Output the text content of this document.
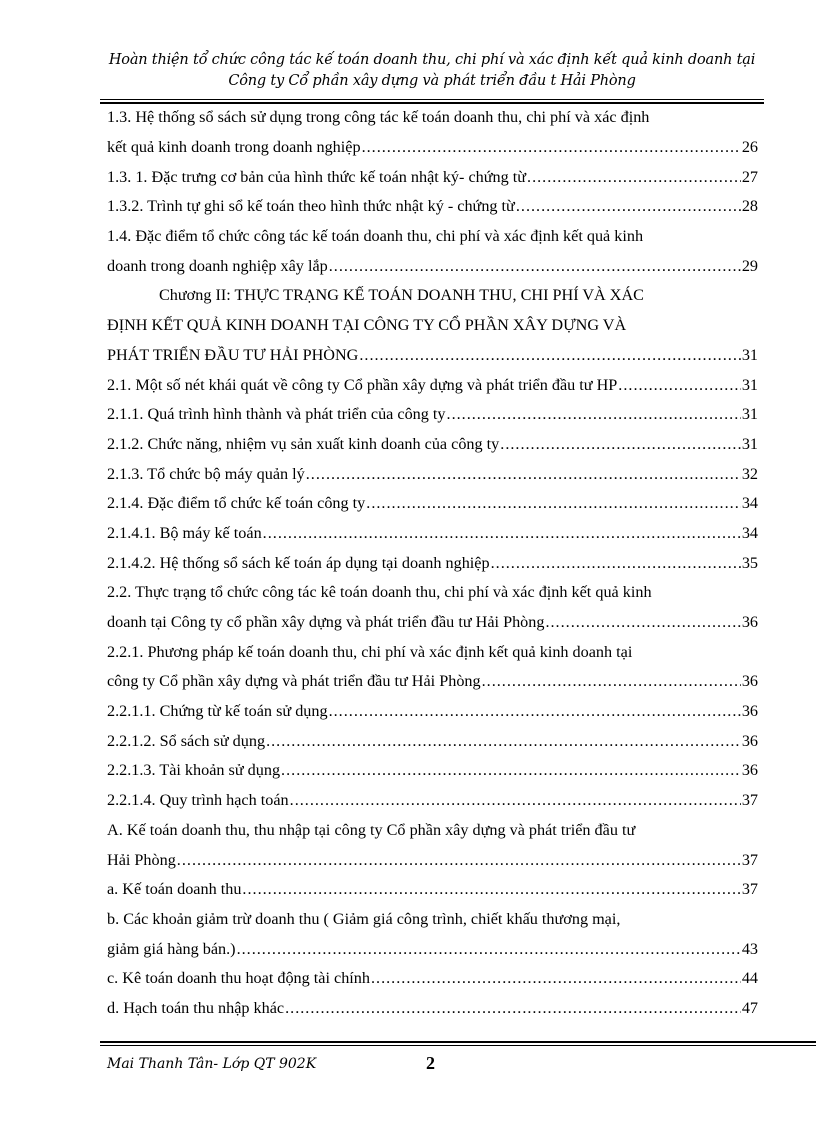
Hoàn thiện tổ chức công tác kế toán doanh thu, chi phí và xác định kết quả kinh doanh tại
Công ty Cổ phần xây dựng và phát triển đầu t Hải Phòng
1.3. Hệ thống sổ sách sử dụng trong công tác kế toán doanh thu, chi phí và xác định
kết quả kinh doanh trong doanh nghiệp .....	26
1.3. 1. Đặc trưng cơ bản của hình thức kế toán nhật ký- chứng từ .....	27
1.3.2. Trình tự ghi sổ kế toán theo hình thức nhật ký - chứng từ .....	28
1.4. Đặc điểm tổ chức công tác kế toán doanh thu, chi phí và xác định kết quả kinh
doanh trong doanh nghiệp xây lắp .....	29
Chương II: THỰC TRẠNG KẾ TOÁN DOANH THU, CHI PHÍ VÀ XÁC
ĐỊNH KẾT QUẢ KINH DOANH TẠI CÔNG TY CỔ PHẦN XÂY DỰNG VÀ
PHÁT TRIỂN ĐẦU TƯ HẢI PHÒNG .....	31
2.1. Một số nét khái quát về công ty Cổ phần xây dựng và phát triển đầu tư HP .....	31
2.1.1. Quá trình hình thành và phát triển của công ty .....	31
2.1.2. Chức năng, nhiệm vụ sản xuất kinh doanh của công ty .....	31
2.1.3. Tổ chức bộ máy quản lý .....	32
2.1.4. Đặc điểm tổ chức kế toán công ty .....	34
2.1.4.1. Bộ máy kế toán .....	34
2.1.4.2. Hệ thống sổ sách kế toán áp dụng tại doanh nghiệp .....	35
2.2. Thực trạng tổ chức công tác kê toán doanh thu, chi phí và xác định kết quả kinh
doanh tại Công ty cổ phần xây dựng và phát triển đầu tư Hải Phòng .....	36
2.2.1. Phương pháp kế toán doanh thu, chi phí và xác định kết quả kinh doanh tại
công ty Cổ phần xây dựng và phát triển đầu tư Hải Phòng .....	36
2.2.1.1. Chứng từ kế toán sử dụng .....	36
2.2.1.2. Sổ sách sử dụng .....	36
2.2.1.3. Tài khoản sử dụng .....	36
2.2.1.4. Quy trình hạch toán .....	37
A. Kế toán doanh thu, thu nhập tại công ty Cổ phần xây dựng và phát triển đầu tư
Hải Phòng .....	37
a. Kế toán doanh thu .....	37
b. Các khoản giảm trừ doanh thu ( Giảm giá công trình, chiết khấu thương mại,
giảm giá hàng bán.) .....	43
c. Kê toán doanh thu hoạt động tài chính .....	44
d. Hạch toán thu nhập khác .....	47
Mai Thanh Tân- Lớp QT 902K	2
